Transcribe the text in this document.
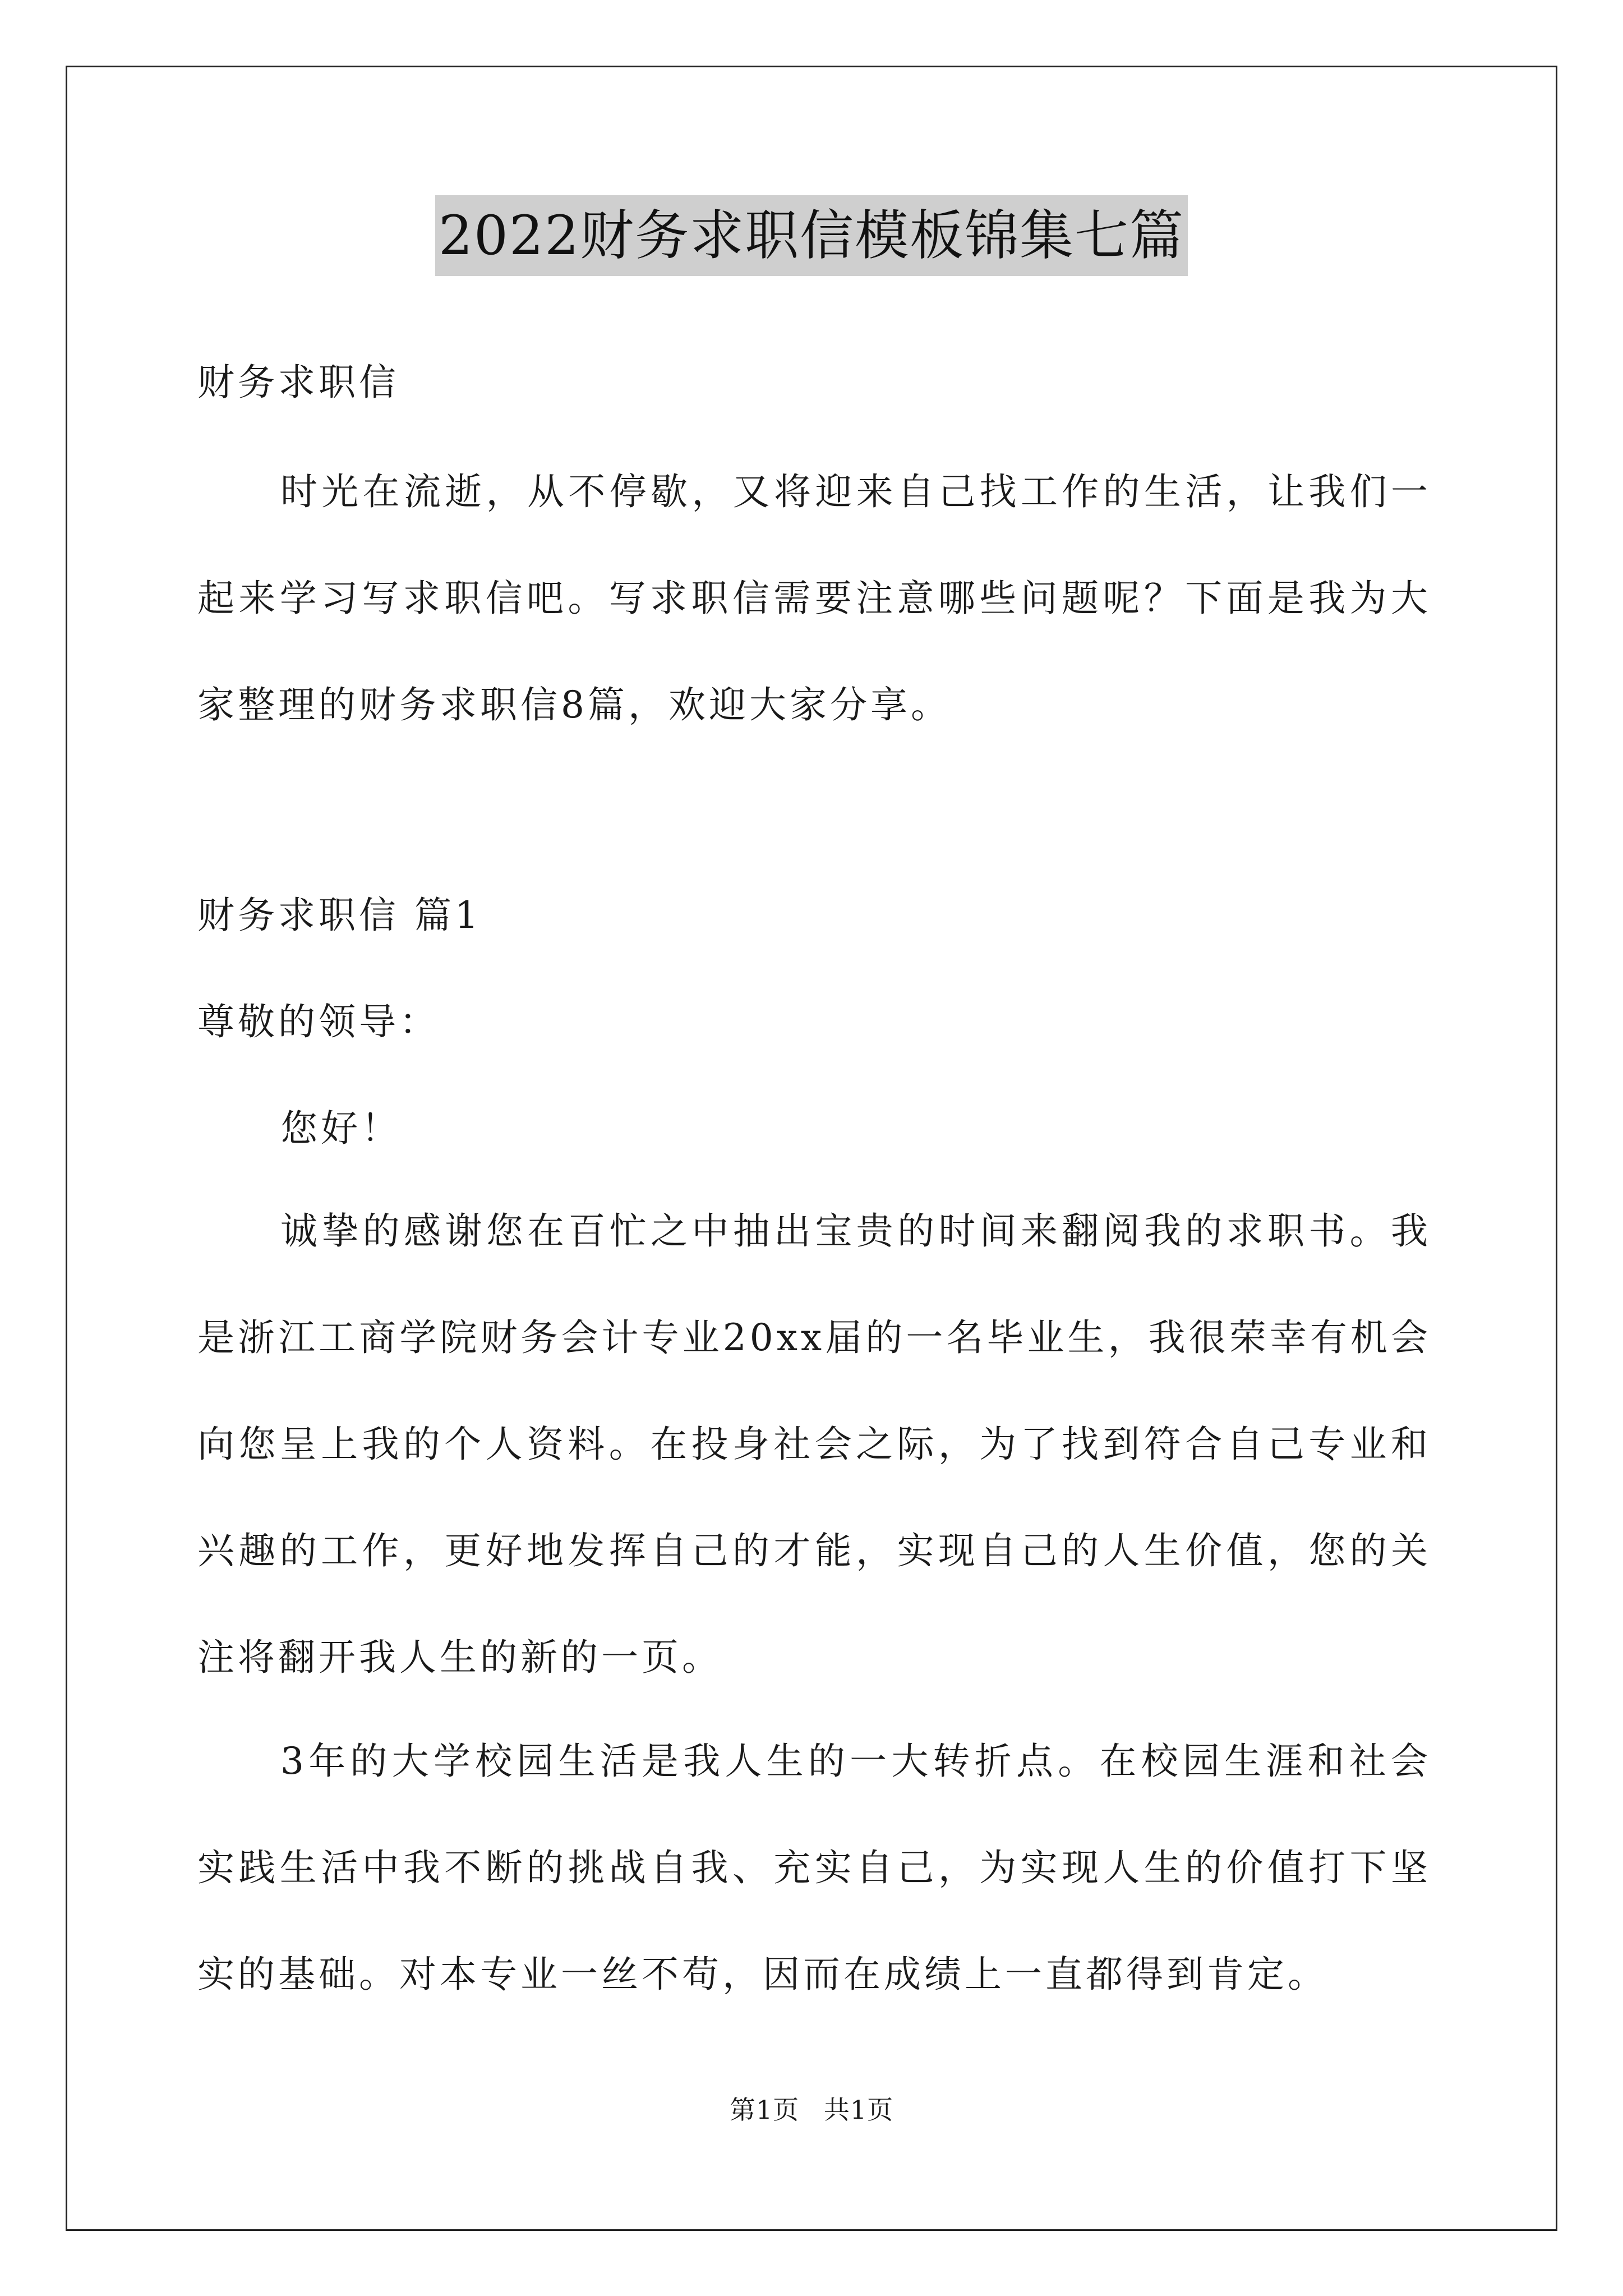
2022财务求职信模板锦集七篇
财务求职信

时光在流逝，从不停歇，又将迎来自己找工作的生活，让我们一起来学习写求职信吧。写求职信需要注意哪些问题呢？下面是我为大家整理的财务求职信8篇，欢迎大家分享。

财务求职信 篇1
尊敬的领导：
您好！

诚挚的感谢您在百忙之中抽出宝贵的时间来翻阅我的求职书。我是浙江工商学院财务会计专业20xx届的一名毕业生，我很荣幸有机会向您呈上我的个人资料。在投身社会之际，为了找到符合自己专业和兴趣的工作，更好地发挥自己的才能，实现自己的人生价值，您的关注将翻开我人生的新的一页。

3年的大学校园生活是我人生的一大转折点。在校园生涯和社会实践生活中我不断的挑战自我、充实自己，为实现人生的价值打下坚实的基础。对本专业一丝不苟，因而在成绩上一直都得到肯定。

第1页 共1页
